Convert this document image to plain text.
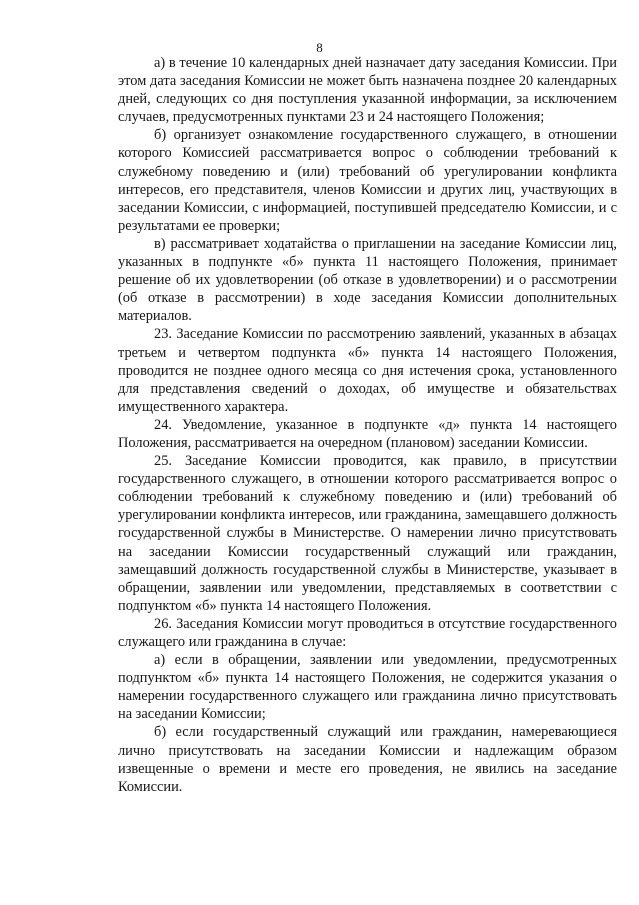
8

а) в течение 10 календарных дней назначает дату заседания Комиссии. При этом дата заседания Комиссии не может быть назначена позднее 20 календарных дней, следующих со дня поступления указанной информации, за исключением случаев, предусмотренных пунктами 23 и 24 настоящего Положения;

б) организует ознакомление государственного служащего, в отношении которого Комиссией рассматривается вопрос о соблюдении требований к служебному поведению и (или) требований об урегулировании конфликта интересов, его представителя, членов Комиссии и других лиц, участвующих в заседании Комиссии, с информацией, поступившей председателю Комиссии, и с результатами ее проверки;

в) рассматривает ходатайства о приглашении на заседание Комиссии лиц, указанных в подпункте «б» пункта 11 настоящего Положения, принимает решение об их удовлетворении (об отказе в удовлетворении) и о рассмотрении (об отказе в рассмотрении) в ходе заседания Комиссии дополнительных материалов.

23. Заседание Комиссии по рассмотрению заявлений, указанных в абзацах третьем и четвертом подпункта «б» пункта 14 настоящего Положения, проводится не позднее одного месяца со дня истечения срока, установленного для представления сведений о доходах, об имуществе и обязательствах имущественного характера.

24. Уведомление, указанное в подпункте «д» пункта 14 настоящего Положения, рассматривается на очередном (плановом) заседании Комиссии.

25. Заседание Комиссии проводится, как правило, в присутствии государственного служащего, в отношении которого рассматривается вопрос о соблюдении требований к служебному поведению и (или) требований об урегулировании конфликта интересов, или гражданина, замещавшего должность государственной службы в Министерстве. О намерении лично присутствовать на заседании Комиссии государственный служащий или гражданин, замещавший должность государственной службы в Министерстве, указывает в обращении, заявлении или уведомлении, представляемых в соответствии с подпунктом «б» пункта 14 настоящего Положения.

26. Заседания Комиссии могут проводиться в отсутствие государственного служащего или гражданина в случае:

а) если в обращении, заявлении или уведомлении, предусмотренных подпунктом «б» пункта 14 настоящего Положения, не содержится указания о намерении государственного служащего или гражданина лично присутствовать на заседании Комиссии;

б) если государственный служащий или гражданин, намеревающиеся лично присутствовать на заседании Комиссии и надлежащим образом извещенные о времени и месте его проведения, не явились на заседание Комиссии.
